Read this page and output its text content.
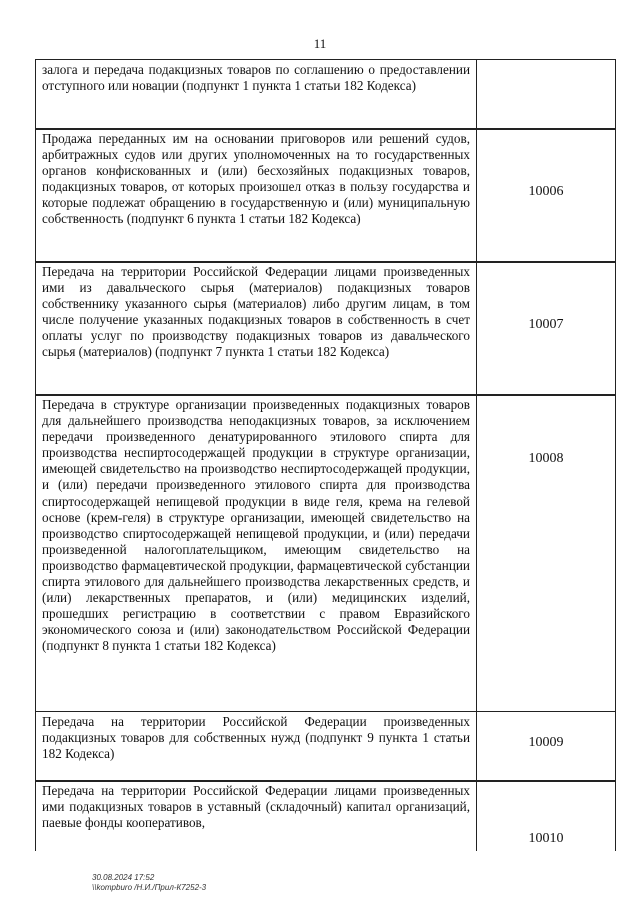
11
залога и передача подакцизных товаров по соглашению о предоставлении отступного или новации (подпункт 1 пункта 1 статьи 182 Кодекса)
Продажа переданных им на основании приговоров или решений судов, арбитражных судов или других уполномоченных на то государственных органов конфискованных и (или) бесхозяйных подакцизных товаров, подакцизных товаров, от которых произошел отказ в пользу государства и которые подлежат обращению в государственную и (или) муниципальную собственность (подпункт 6 пункта 1 статьи 182 Кодекса)
10006
Передача на территории Российской Федерации лицами произведенных ими из давальческого сырья (материалов) подакцизных товаров собственнику указанного сырья (материалов) либо другим лицам, в том числе получение указанных подакцизных товаров в собственность в счет оплаты услуг по производству подакцизных товаров из давальческого сырья (материалов) (подпункт 7 пункта 1 статьи 182 Кодекса)
10007
Передача в структуре организации произведенных подакцизных товаров для дальнейшего производства неподакцизных товаров, за исключением передачи произведенного денатурированного этилового спирта для производства неспиртосодержащей продукции в структуре организации, имеющей свидетельство на производство неспиртосодержащей продукции, и (или) передачи произведенного этилового спирта для производства спиртосодержащей непищевой продукции в виде геля, крема на гелевой основе (крем-геля) в структуре организации, имеющей свидетельство на производство спиртосодержащей непищевой продукции, и (или) передачи произведенной налогоплательщиком, имеющим свидетельство на производство фармацевтической продукции, фармацевтической субстанции спирта этилового для дальнейшего производства лекарственных средств, и (или) лекарственных препаратов, и (или) медицинских изделий, прошедших регистрацию в соответствии с правом Евразийского экономического союза и (или) законодательством Российской Федерации (подпункт 8 пункта 1 статьи 182 Кодекса)
10008
Передача на территории Российской Федерации произведенных подакцизных товаров для собственных нужд (подпункт 9 пункта 1 статьи 182 Кодекса)
10009
Передача на территории Российской Федерации лицами произведенных ими подакцизных товаров в уставный (складочный) капитал организаций, паевые фонды кооперативов,
10010
30.08.2024 17:52
\\kompburo /Н.И./Прил-К7252-3
